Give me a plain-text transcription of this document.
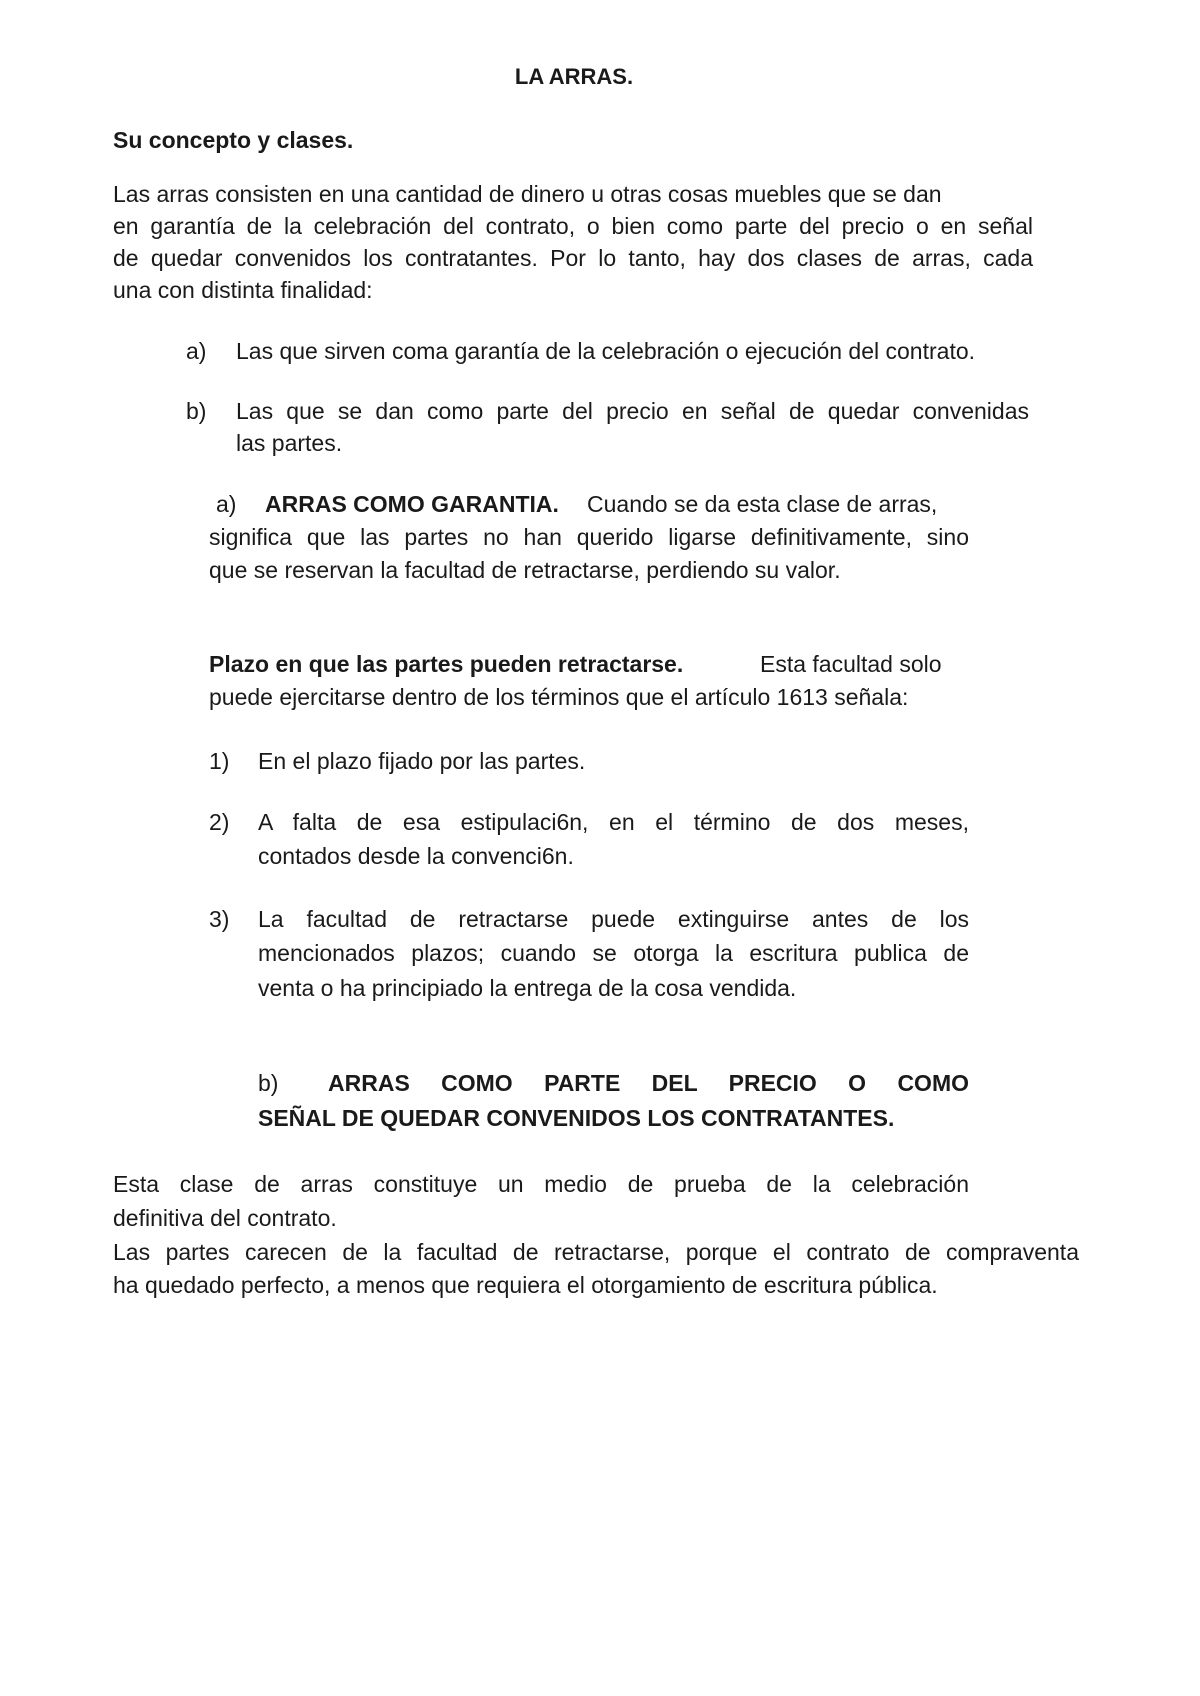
LA ARRAS.
Su concepto y clases.
Las arras consisten en una cantidad de dinero u otras cosas muebles que se dan
en garantía de la celebración del contrato, o bien como parte del precio o en señal
de quedar convenidos los contratantes. Por lo tanto, hay dos clases de arras, cada
una con distinta finalidad:
a) Las que sirven coma garantía de la celebración o ejecución del contrato.
b) Las que se dan como parte del precio en señal de quedar convenidas
las partes.
a) ARRAS COMO GARANTIA. Cuando se da esta clase de arras,
significa que las partes no han querido ligarse definitivamente, sino
que se reservan la facultad de retractarse, perdiendo su valor.
Plazo en que las partes pueden retractarse.	Esta facultad solo
puede ejercitarse dentro de los términos que el artículo 1613 señala:
1) En el plazo fijado por las partes.
2) A falta de esa estipulaci6n, en el término de dos meses,
contados desde la convenci6n.
3) La facultad de retractarse puede extinguirse antes de los
mencionados plazos; cuando se otorga la escritura publica de
venta o ha principiado la entrega de la cosa vendida.
b) ARRAS COMO PARTE DEL PRECIO O COMO
SEÑAL DE QUEDAR CONVENIDOS LOS CONTRATANTES.
Esta clase de arras constituye un medio de prueba de la celebración
definitiva del contrato.
Las partes carecen de la facultad de retractarse, porque el contrato de compraventa
ha quedado perfecto, a menos que requiera el otorgamiento de escritura pública.
